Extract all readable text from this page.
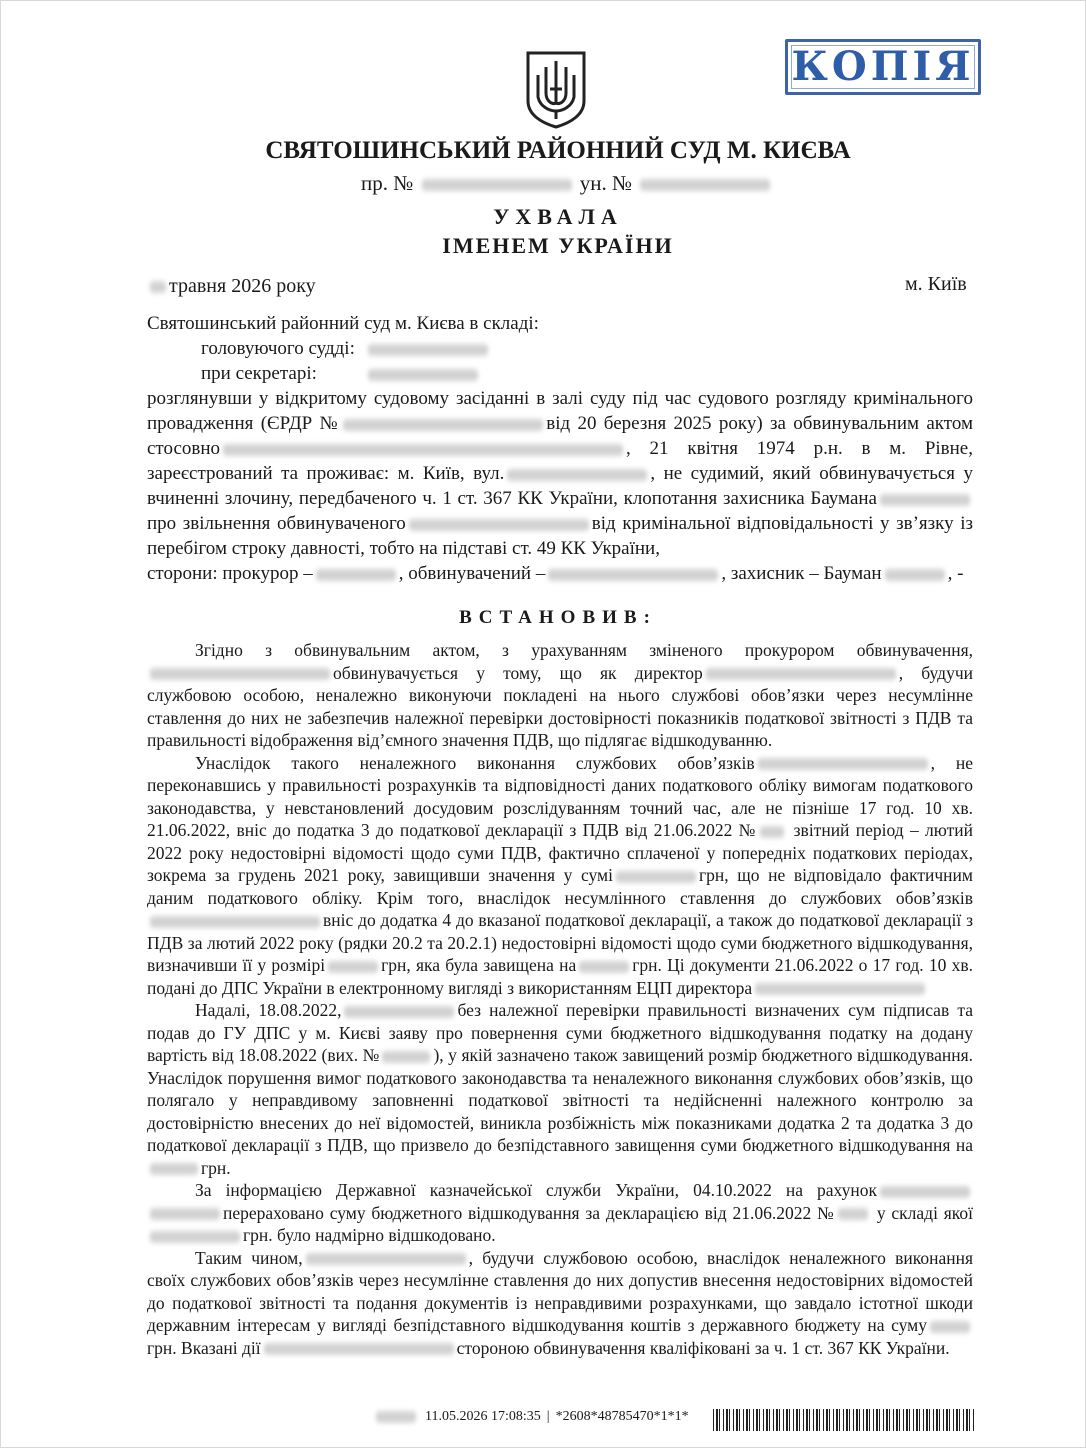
КОПІЯ
СВЯТОШИНСЬКИЙ РАЙОННИЙ СУД М. КИЄВА
пр. №	ун. №
УХВАЛА
ІМЕНЕМ УКРАЇНИ
травня 2026 року	м. Київ
Святошинський районний суд м. Києва в складі:
головуючого судді:
при секретарі:

розглянувши у відкритому судовому засіданні в залі суду під час судового розгляду кримінального провадження (ЄРДР №	від 20 березня 2025 року) за обвинувальним актом стосовно	, 21 квітня 1974 р.н. в м. Рівне, зареєстрований та проживає: м. Київ, вул.	, не судимий, який обвинувачується у вчиненні злочину, передбаченого ч. 1 ст. 367 КК України, клопотання захисника Баумана про звільнення обвинуваченого	від кримінальної відповідальності у зв’язку із перебігом строку давності, тобто на підставі ст. 49 КК України,

сторони: прокурор –	, обвинувачений –	, захисник – Бауман	, -
ВСТАНОВИВ:

Згідно з обвинувальним актом, з урахуванням зміненого прокурором обвинувачення,обвинувачується у тому, що як директор	, будучи службовою особою, неналежно виконуючи покладені на нього службові обов’язки через несумлінне ставлення до них не забезпечив належної перевірки достовірності показників податкової звітності з ПДВ та правильності відображення від’ємного значення ПДВ, що підлягає відшкодуванню.

Унаслідок такого неналежного виконання службових обов’язків	, не переконавшись у правильності розрахунків та відповідності даних податкового обліку вимогам податкового законодавства, у невстановлений досудовим розслідуванням точний час, але не пізніше 17 год. 10 хв. 21.06.2022, вніс до податка 3 до податкової декларації з ПДВ від 21.06.2022 № звітний період – лютий 2022 року недостовірні відомості щодо суми ПДВ, фактично сплаченої у попередніх податкових періодах, зокрема за грудень 2021 року, завищивши значення у сумі	грн, що не відповідало фактичним даним податкового обліку. Крім того, внаслідок несумлінного ставлення до службових обов’язківвніс до додатка 4 до вказаної податкової декларації, а також до податкової декларації з ПДВ за лютий 2022 року (рядки 20.2 та 20.2.1) недостовірні відомості щодо суми бюджетного відшкодування, визначивши її у розмірі	грн, яка була завищена на	грн. Ці документи 21.06.2022 о 17 год. 10 хв. подані до ДПС України в електронному вигляді з використанням ЕЦП директора

Надалі, 18.08.2022,	без належної перевірки правильності визначених сум підписав та подав до ГУ ДПС у м. Києві заяву про повернення суми бюджетного відшкодування податку на додану вартість від 18.08.2022 (вих. №	), у якій зазначено також завищений розмір бюджетного відшкодування. Унаслідок порушення вимог податкового законодавства та неналежного виконання службових обов’язків, що полягало у неправдивому заповненні податкової звітності та недійсненні належного контролю за достовірністю внесених до неї відомостей, виникла розбіжність між показниками додатка 2 та додатка 3 до податкової декларації з ПДВ, що призвело до безпідставного завищення суми бюджетного відшкодування нагрн.

За інформацією Державної казначейської служби України, 04.10.2022 на рахунок перераховано суму бюджетного відшкодування за декларацією від 21.06.2022 № у складі якоїгрн. було надмірно відшкодовано.

Таким чином,	, будучи службовою особою, внаслідок неналежного виконання своїх службових обов’язків через несумлінне ставлення до них допустив внесення недостовірних відомостей до податкової звітності та подання документів із неправдивими розрахунками, що завдало істотної шкоди державним інтересам у вигляді безпідставного відшкодування коштів з державного бюджету на сумугрн. Вказані дії	стороною обвинувачення кваліфіковані за ч. 1 ст. 367 КК України.

11.05.2026 17:08:35 | *2608*48785470*1*1*
